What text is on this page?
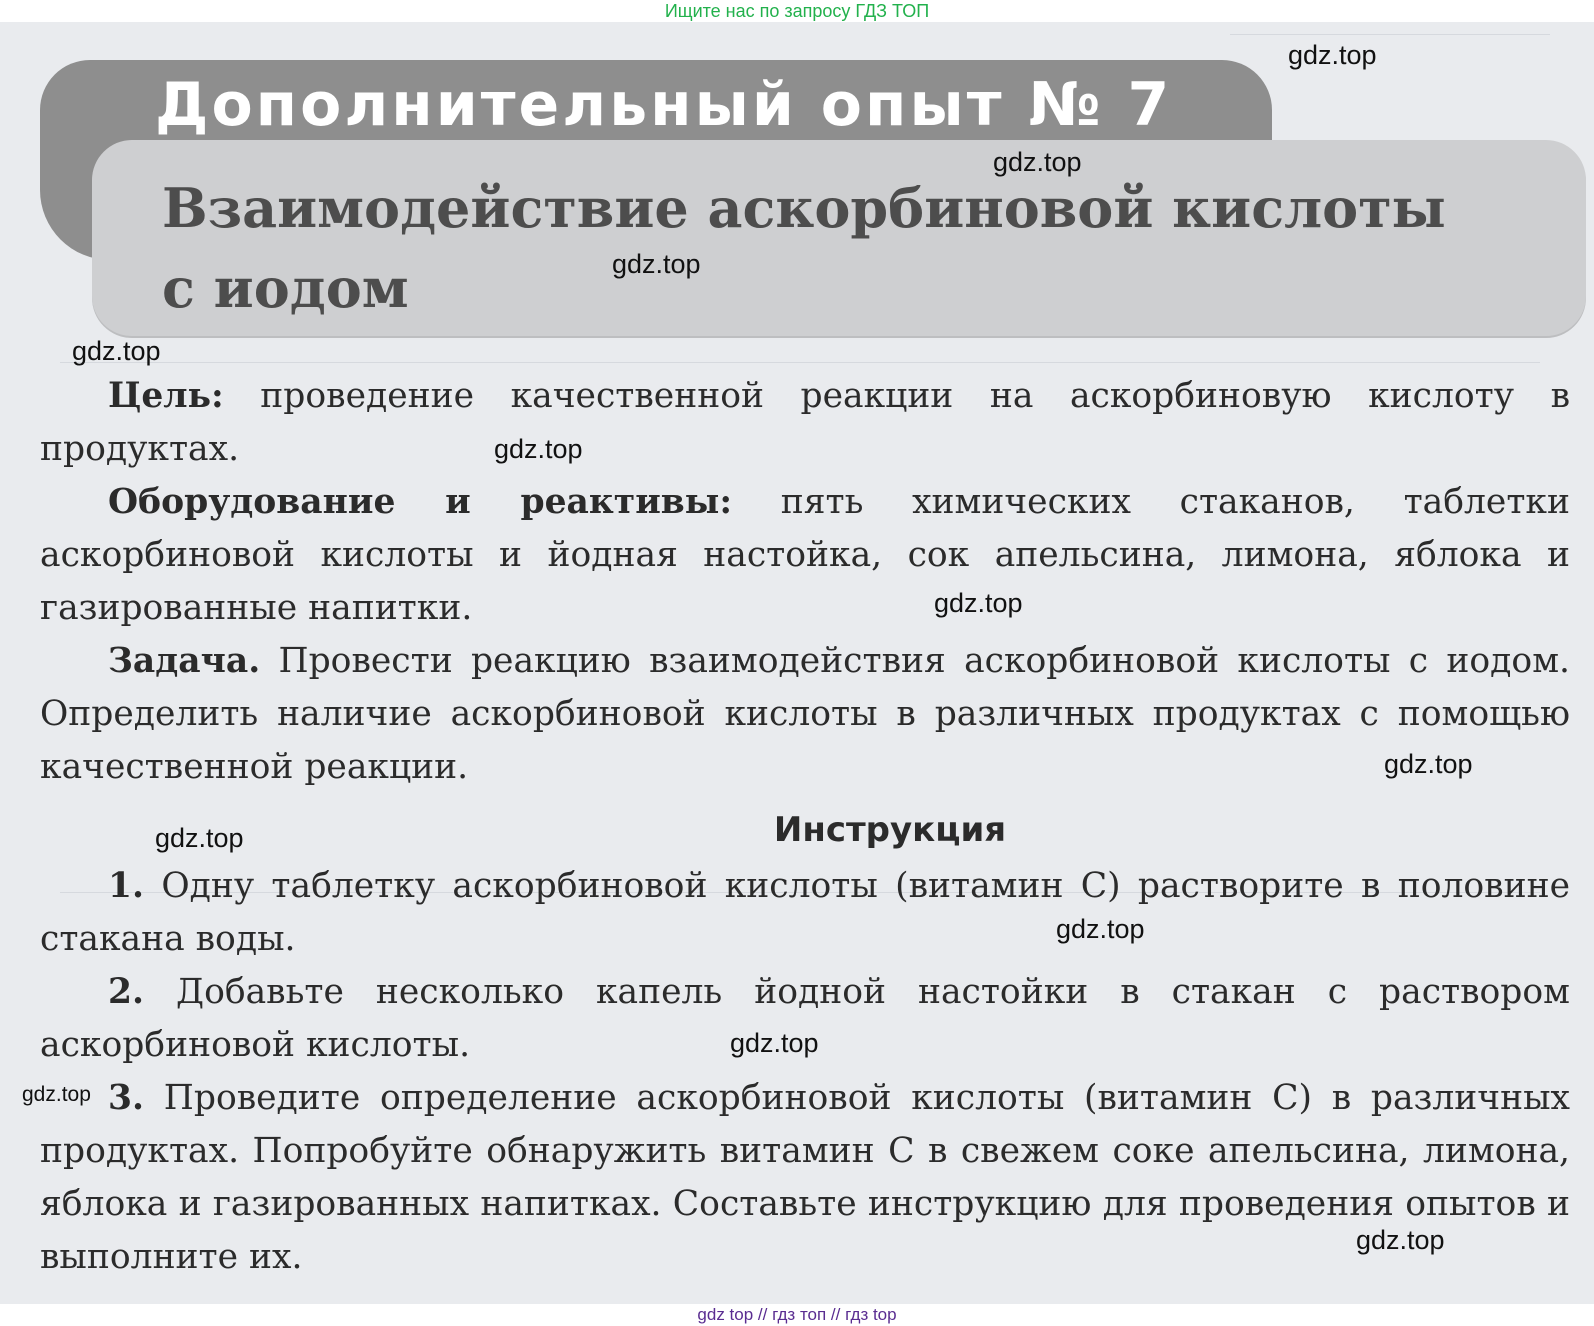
Ищите нас по запросу ГДЗ ТОП
Дополнительный опыт № 7
Взаимодействие аскорбиновой кислоты
с иодом

Цель: проведение качественной реакции на аскорбиновую кислоту в продуктах.

Оборудование и реактивы: пять химических стаканов, таблетки аскорбиновой кислоты и йодная настойка, сок апельсина, лимона, яблока и газированные напитки.

Задача. Провести реакцию взаимодействия аскорбиновой кислоты с иодом. Определить наличие аскорбиновой кислоты в различных продуктах с помощью качественной реакции.

Инструкция

1. Одну таблетку аскорбиновой кислоты (витамин С) растворите в половине стакана воды.

2. Добавьте несколько капель йодной настойки в стакан с раствором аскорбиновой кислоты.

3. Проведите определение аскорбиновой кислоты (витамин С) в различных продуктах. Попробуйте обнаружить витамин С в свежем соке апельсина, лимона, яблока и газированных напитках. Составьте инструкцию для проведения опытов и выполните их.

gdz.top
gdz.top
gdz.top
gdz.top
gdz.top
gdz.top
gdz.top
gdz.top
gdz.top
gdz.top
gdz.top
gdz.top
gdz top // гдз топ // гдз top
